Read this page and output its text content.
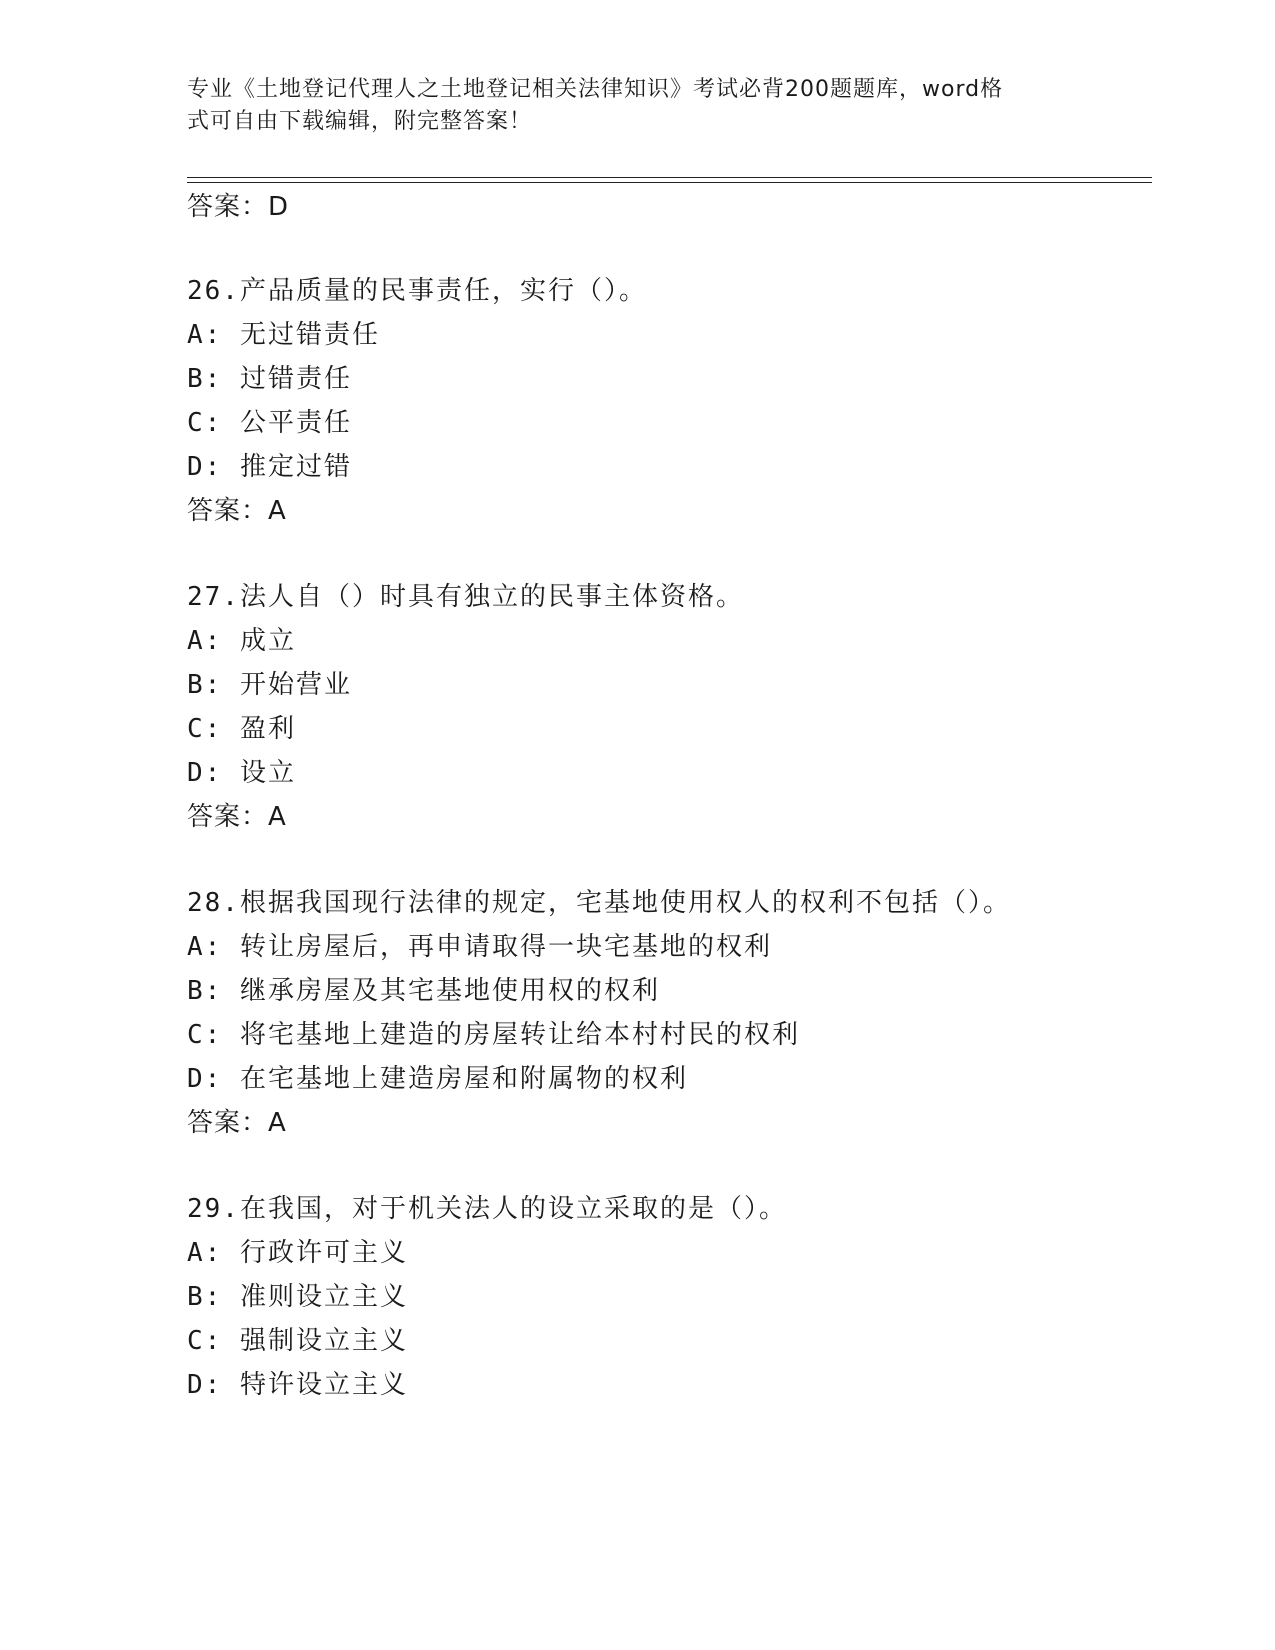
专业《土地登记代理人之土地登记相关法律知识》考试必背200题题库，word格
式可自由下载编辑，附完整答案！
答案：D
26.产品质量的民事责任，实行（）。
A: 无过错责任
B: 过错责任
C: 公平责任
D: 推定过错
答案：A
27.法人自（）时具有独立的民事主体资格。
A: 成立
B: 开始营业
C: 盈利
D: 设立
答案：A
28.根据我国现行法律的规定，宅基地使用权人的权利不包括（）。
A: 转让房屋后，再申请取得一块宅基地的权利
B: 继承房屋及其宅基地使用权的权利
C: 将宅基地上建造的房屋转让给本村村民的权利
D: 在宅基地上建造房屋和附属物的权利
答案：A
29.在我国，对于机关法人的设立采取的是（）。
A: 行政许可主义
B: 准则设立主义
C: 强制设立主义
D: 特许设立主义
